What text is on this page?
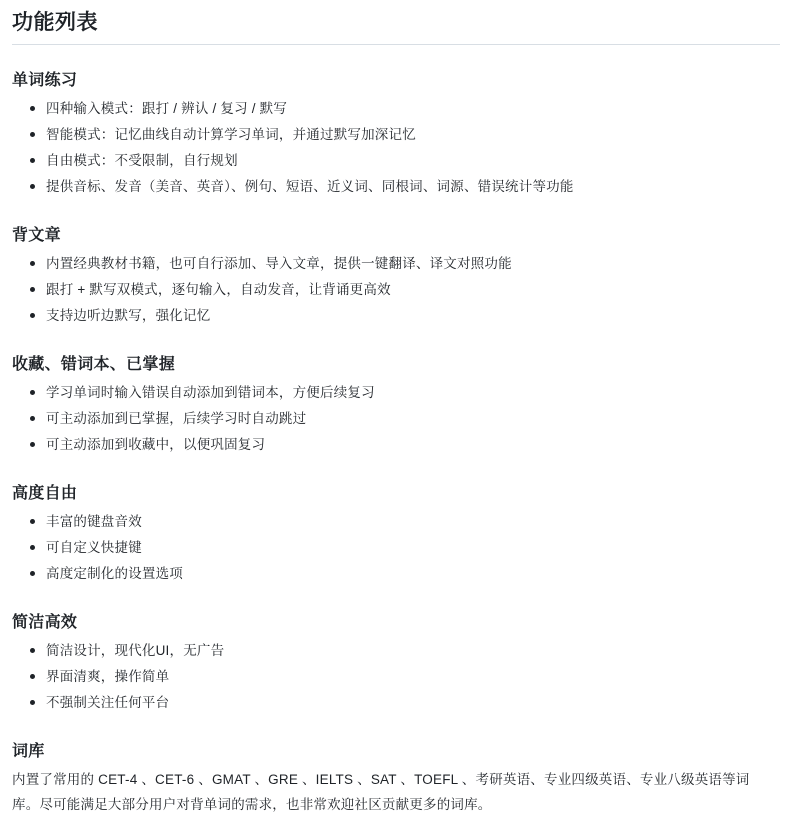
功能列表
单词练习
四种输入模式：跟打 / 辨认 / 复习 / 默写
智能模式：记忆曲线自动计算学习单词，并通过默写加深记忆
自由模式：不受限制，自行规划
提供音标、发音（美音、英音）、例句、短语、近义词、同根词、词源、错误统计等功能
背文章
内置经典教材书籍，也可自行添加、导入文章，提供一键翻译、译文对照功能
跟打 + 默写双模式，逐句输入，自动发音，让背诵更高效
支持边听边默写，强化记忆
收藏、错词本、已掌握
学习单词时输入错误自动添加到错词本，方便后续复习
可主动添加到已掌握，后续学习时自动跳过
可主动添加到收藏中，以便巩固复习
高度自由
丰富的键盘音效
可自定义快捷键
高度定制化的设置选项
简洁高效
简洁设计，现代化UI，无广告
界面清爽，操作简单
不强制关注任何平台
词库

内置了常用的 CET-4 、CET-6 、GMAT 、GRE 、IELTS 、SAT 、TOEFL 、考研英语、专业四级英语、专业八级英语等词库。尽可能满足大部分用户对背单词的需求，也非常欢迎社区贡献更多的词库。
